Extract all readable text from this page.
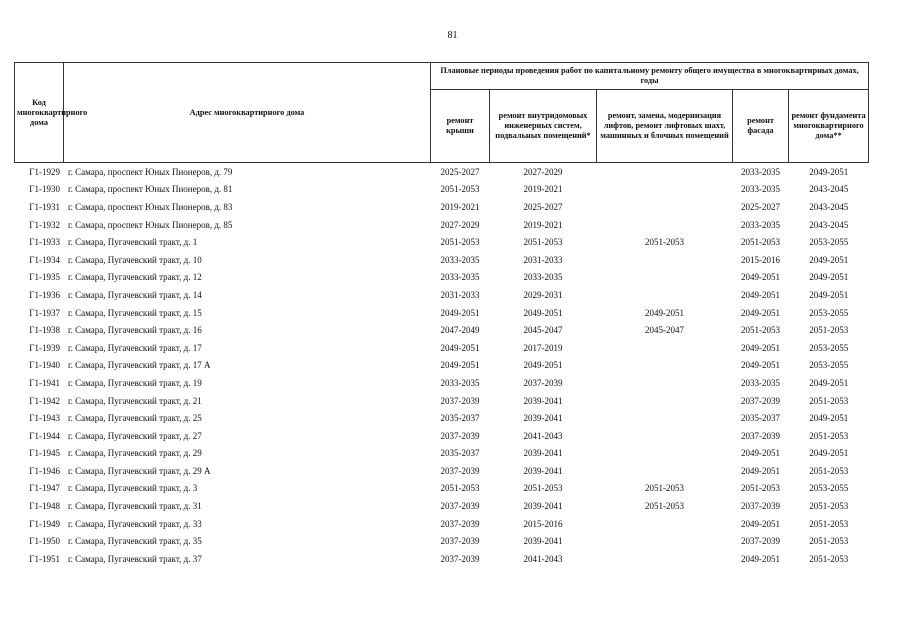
81
Код многоквартирного дома	Адрес многоквартирного дома	Плановые периоды проведения работ по капитальному ремонту общего имущества в многоквартирных домах, годы				
		ремонт крыши	ремонт внутридомовых инженерных систем, подвальных помещений*	ремонт, замена, модернизация лифтов, ремонт лифтовых шахт, машинных и блочных помещений	ремонт фасада	ремонт фундамента многоквартирного дома**
Г1-1929	г. Самара, проспект Юных Пионеров, д. 79	2025-2027	2027-2029		2033-2035	2049-2051
Г1-1930	г. Самара, проспект Юных Пионеров, д. 81	2051-2053	2019-2021		2033-2035	2043-2045
Г1-1931	г. Самара, проспект Юных Пионеров, д. 83	2019-2021	2025-2027		2025-2027	2043-2045
Г1-1932	г. Самара, проспект Юных Пионеров, д. 85	2027-2029	2019-2021		2033-2035	2043-2045
Г1-1933	г. Самара, Пугачевский тракт, д. 1	2051-2053	2051-2053	2051-2053	2051-2053	2053-2055
Г1-1934	г. Самара, Пугачевский тракт, д. 10	2033-2035	2031-2033		2015-2016	2049-2051
Г1-1935	г. Самара, Пугачевский тракт, д. 12	2033-2035	2033-2035		2049-2051	2049-2051
Г1-1936	г. Самара, Пугачевский тракт, д. 14	2031-2033	2029-2031		2049-2051	2049-2051
Г1-1937	г. Самара, Пугачевский тракт, д. 15	2049-2051	2049-2051	2049-2051	2049-2051	2053-2055
Г1-1938	г. Самара, Пугачевский тракт, д. 16	2047-2049	2045-2047	2045-2047	2051-2053	2051-2053
Г1-1939	г. Самара, Пугачевский тракт, д. 17	2049-2051	2017-2019		2049-2051	2053-2055
Г1-1940	г. Самара, Пугачевский тракт, д. 17 А	2049-2051	2049-2051		2049-2051	2053-2055
Г1-1941	г. Самара, Пугачевский тракт, д. 19	2033-2035	2037-2039		2033-2035	2049-2051
Г1-1942	г. Самара, Пугачевский тракт, д. 21	2037-2039	2039-2041		2037-2039	2051-2053
Г1-1943	г. Самара, Пугачевский тракт, д. 25	2035-2037	2039-2041		2035-2037	2049-2051
Г1-1944	г. Самара, Пугачевский тракт, д. 27	2037-2039	2041-2043		2037-2039	2051-2053
Г1-1945	г. Самара, Пугачевский тракт, д. 29	2035-2037	2039-2041		2049-2051	2049-2051
Г1-1946	г. Самара, Пугачевский тракт, д. 29 А	2037-2039	2039-2041		2049-2051	2051-2053
Г1-1947	г. Самара, Пугачевский тракт, д. 3	2051-2053	2051-2053	2051-2053	2051-2053	2053-2055
Г1-1948	г. Самара, Пугачевский тракт, д. 31	2037-2039	2039-2041	2051-2053	2037-2039	2051-2053
Г1-1949	г. Самара, Пугачевский тракт, д. 33	2037-2039	2015-2016		2049-2051	2051-2053
Г1-1950	г. Самара, Пугачевский тракт, д. 35	2037-2039	2039-2041		2037-2039	2051-2053
Г1-1951	г. Самара, Пугачевский тракт, д. 37	2037-2039	2041-2043		2049-2051	2051-2053
